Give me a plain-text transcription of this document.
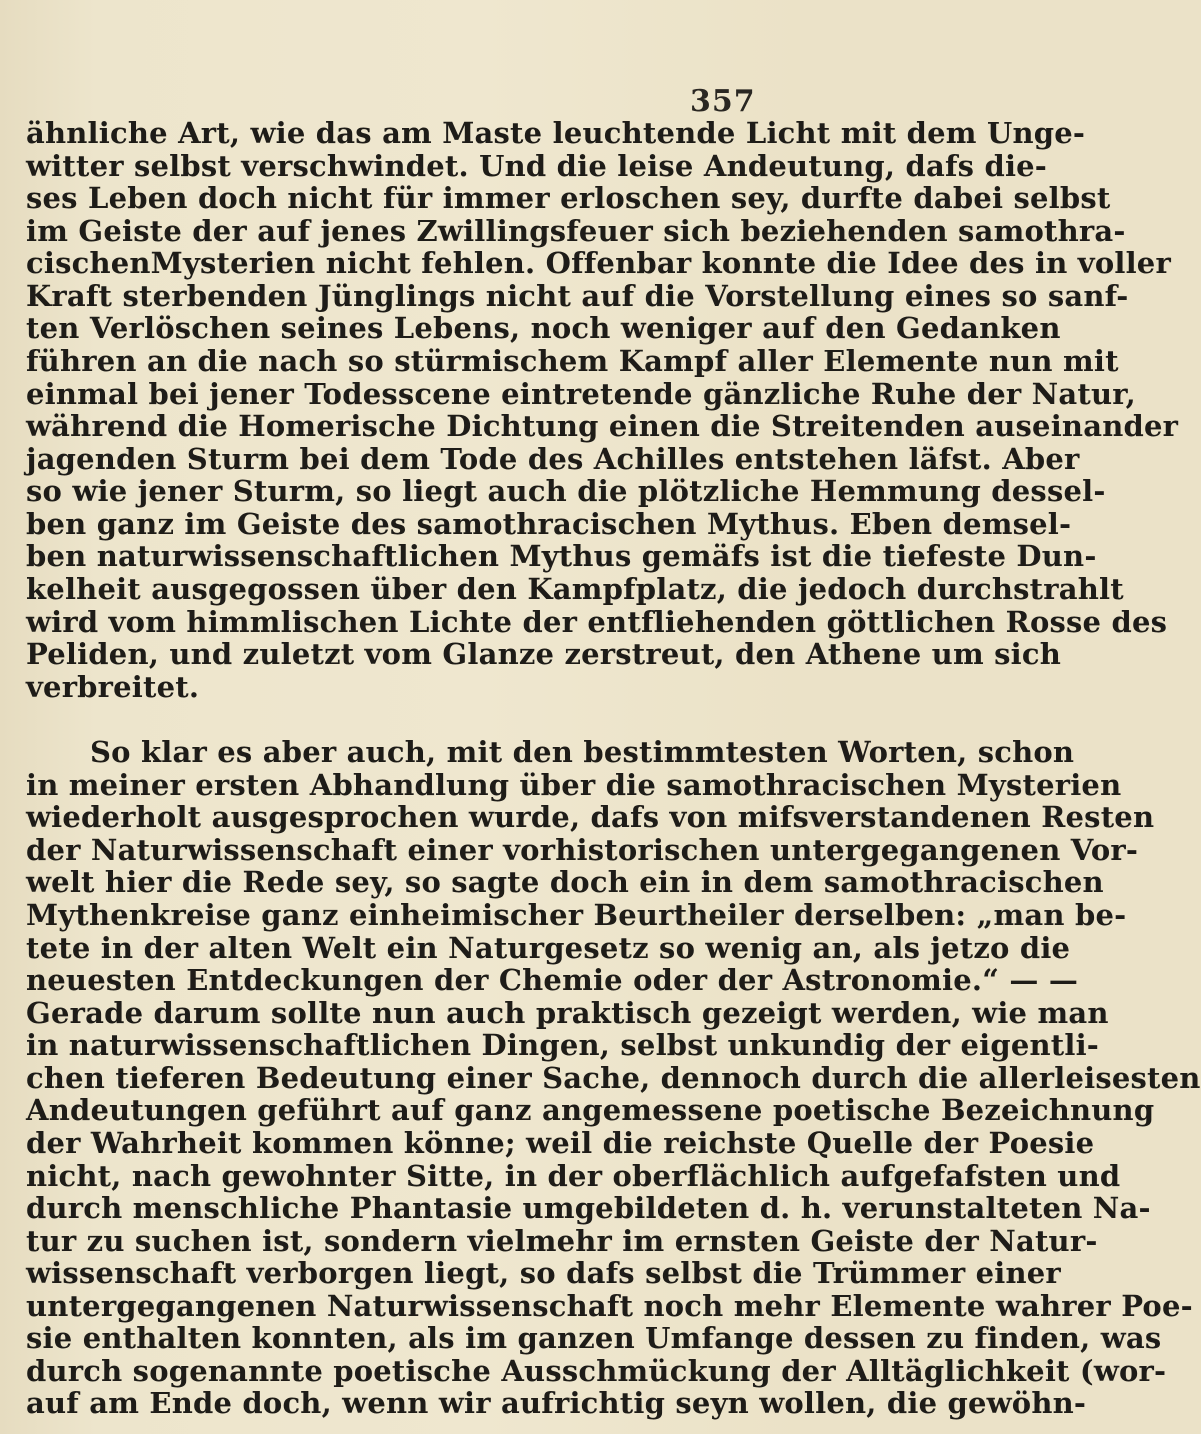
357
ähnliche Art, wie das am Maste leuchtende Licht mit dem Unge-
witter selbst verschwindet. Und die leise Andeutung, dafs die-
ses Leben doch nicht für immer erloschen sey, durfte dabei selbst
im Geiste der auf jenes Zwillingsfeuer sich beziehenden samothra-
cischenMysterien nicht fehlen. Offenbar konnte die Idee des in voller
Kraft sterbenden Jünglings nicht auf die Vorstellung eines so sanf-
ten Verlöschen seines Lebens, noch weniger auf den Gedanken
führen an die nach so stürmischem Kampf aller Elemente nun mit
einmal bei jener Todesscene eintretende gänzliche Ruhe der Natur,
während die Homerische Dichtung einen die Streitenden auseinander
jagenden Sturm bei dem Tode des Achilles entstehen läfst. Aber
so wie jener Sturm, so liegt auch die plötzliche Hemmung dessel-
ben ganz im Geiste des samothracischen Mythus. Eben demsel-
ben naturwissenschaftlichen Mythus gemäfs ist die tiefeste Dun-
kelheit ausgegossen über den Kampfplatz, die jedoch durchstrahlt
wird vom himmlischen Lichte der entfliehenden göttlichen Rosse des
Peliden, und zuletzt vom Glanze zerstreut, den Athene um sich
verbreitet.
So klar es aber auch, mit den bestimmtesten Worten, schon
in meiner ersten Abhandlung über die samothracischen Mysterien
wiederholt ausgesprochen wurde, dafs von mifsverstandenen Resten
der Naturwissenschaft einer vorhistorischen untergegangenen Vor-
welt hier die Rede sey, so sagte doch ein in dem samothracischen
Mythenkreise ganz einheimischer Beurtheiler derselben: „man be-
tete in der alten Welt ein Naturgesetz so wenig an, als jetzo die
neuesten Entdeckungen der Chemie oder der Astronomie.“ — —
Gerade darum sollte nun auch praktisch gezeigt werden, wie man
in naturwissenschaftlichen Dingen, selbst unkundig der eigentli-
chen tieferen Bedeutung einer Sache, dennoch durch die allerleisesten
Andeutungen geführt auf ganz angemessene poetische Bezeichnung
der Wahrheit kommen könne; weil die reichste Quelle der Poesie
nicht, nach gewohnter Sitte, in der oberflächlich aufgefafsten und
durch menschliche Phantasie umgebildeten d. h. verunstalteten Na-
tur zu suchen ist, sondern vielmehr im ernsten Geiste der Natur-
wissenschaft verborgen liegt, so dafs selbst die Trümmer einer
untergegangenen Naturwissenschaft noch mehr Elemente wahrer Poe-
sie enthalten konnten, als im ganzen Umfange dessen zu finden, was
durch sogenannte poetische Ausschmückung der Alltäglichkeit (wor-
auf am Ende doch, wenn wir aufrichtig seyn wollen, die gewöhn-
